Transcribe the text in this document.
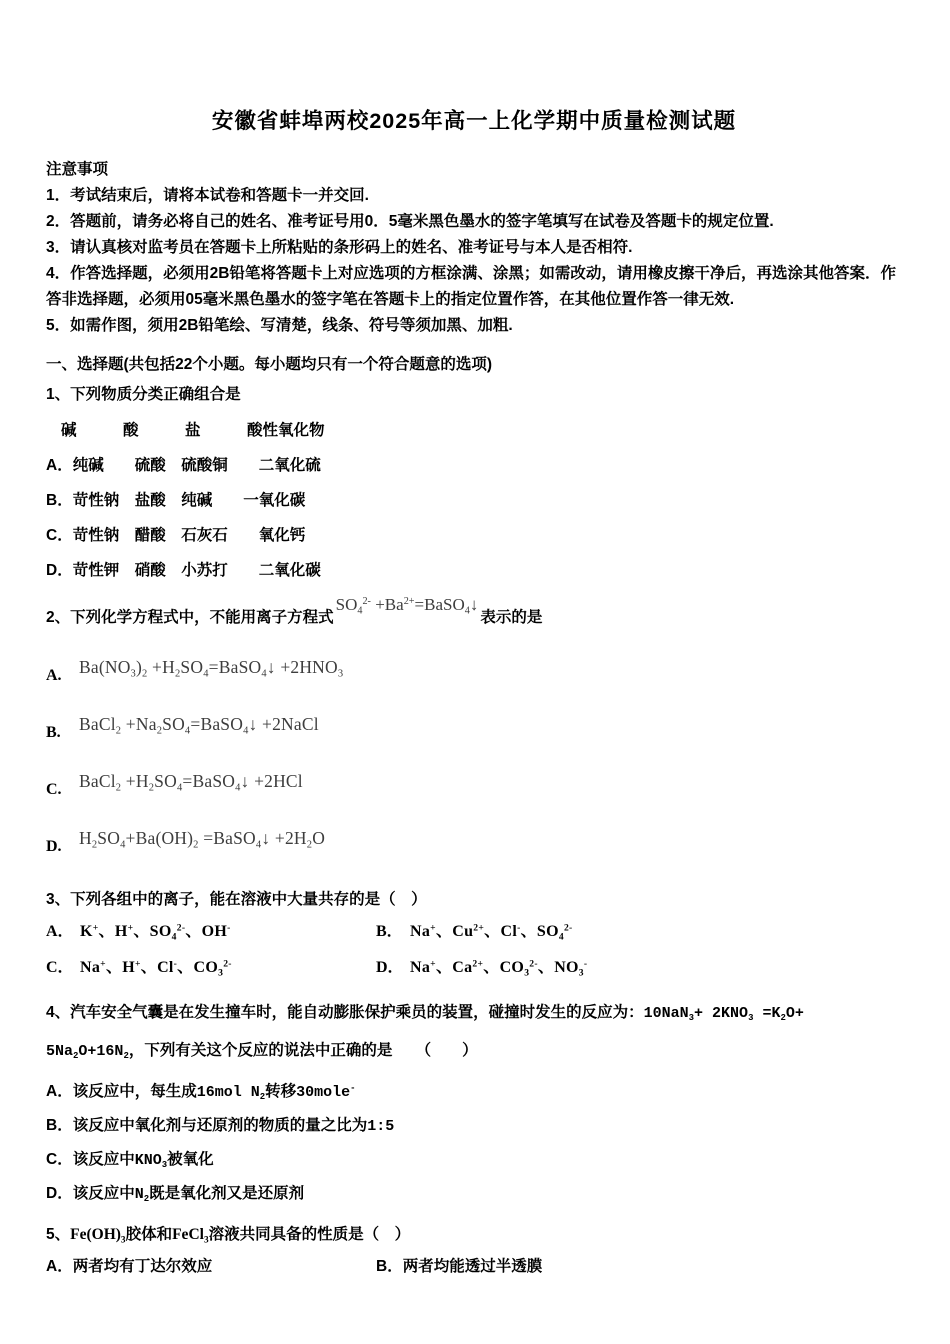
安徽省蚌埠两校2025年高一上化学期中质量检测试题
注意事项
1．考试结束后，请将本试卷和答题卡一并交回.
2．答题前，请务必将自己的姓名、准考证号用0．5毫米黑色墨水的签字笔填写在试卷及答题卡的规定位置.
3．请认真核对监考员在答题卡上所粘贴的条形码上的姓名、准考证号与本人是否相符.
4．作答选择题，必须用2B铅笔将答题卡上对应选项的方框涂满、涂黑；如需改动，请用橡皮擦干净后，再选涂其他答案．作答非选择题，必须用05毫米黑色墨水的签字笔在答题卡上的指定位置作答，在其他位置作答一律无效.
5．如需作图，须用2B铅笔绘、写清楚，线条、符号等须加黑、加粗.
一、选择题(共包括22个小题。每小题均只有一个符合题意的选项)
1、下列物质分类正确组合是
碱　　　酸　　　盐　　　酸性氧化物
A．纯碱　　硫酸　硫酸铜　　二氧化硫
B．苛性钠　盐酸　纯碱　　一氧化碳
C．苛性钠　醋酸　石灰石　　氧化钙
D．苛性钾　硝酸　小苏打　　二氧化碳
2、下列化学方程式中，不能用离子方程式$SO_4^{2-}$ $+Ba^{2+}=BaSO_4↓$表示的是
A. $Ba(NO_3)_2$ $+H_2SO_4=BaSO_4↓ +2HNO_3$
B.	BaCl$_2$ $+Na_2SO_4=BaSO_4↓$ +2NaCl
C. BaCl$_2$ $+H_2SO_4=BaSO_4↓ +2HCl$
D. $H_2SO_4+Ba(OH)_2$ =BaSO$_4$↓ $+2H_2O$
3、下列各组中的离子，能在溶液中大量共存的是（　）
A． K+、H+、$SO_4^{2-}$、OH-	B． Na+、$Cu^{2+}$、Cl-、$SO_4^{2-}$
C． Na+、H+、Cl-、$CO_3^{2-}$	D． Na+、$Ca^{2+}$、$CO_3^{2-}$、$NO_3^-$
4、汽车安全气囊是在发生撞车时，能自动膨胀保护乘员的装置，碰撞时发生的反应为：$10NaN_3+ 2KNO_3 =K_2O+$
$5Na_2O+16N_2$，下列有关这个反应的说法中正确的是　　（　　）
A．该反应中，每生成16mol $N_2$转移30mole-
B．该反应中氧化剂与还原剂的物质的量之比为1:5
C．该反应中$KNO_3$被氧化
D．该反应中$N_2$既是氧化剂又是还原剂
5、$Fe(OH)_3$胶体和FeCl$_3$溶液共同具备的性质是（　）
A．两者均有丁达尔效应	B．两者均能透过半透膜
